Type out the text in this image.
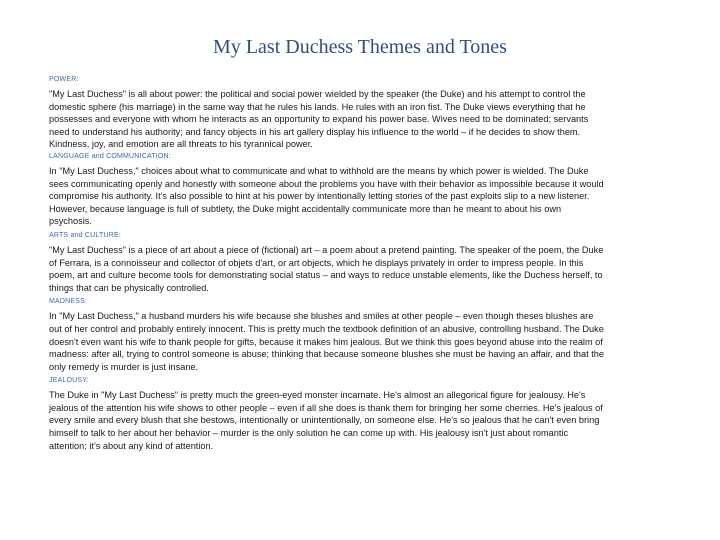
My Last Duchess Themes and Tones
POWER:
"My Last Duchess" is all about power: the political and social power wielded by the speaker (the Duke) and his attempt to control the domestic sphere (his marriage) in the same way that he rules his lands. He rules with an iron fist. The Duke views everything that he possesses and everyone with whom he interacts as an opportunity to expand his power base. Wives need to be dominated; servants need to understand his authority; and fancy objects in his art gallery display his influence to the world – if he decides to show them. Kindness, joy, and emotion are all threats to his tyrannical power.
LANGUAGE and COMMUNICATION:
In "My Last Duchess," choices about what to communicate and what to withhold are the means by which power is wielded. The Duke sees communicating openly and honestly with someone about the problems you have with their behavior as impossible because it would compromise his authority. It's also possible to hint at his power by intentionally letting stories of the past exploits slip to a new listener. However, because language is full of subtlety, the Duke might accidentally communicate more than he meant to about his own psychosis.
ARTS and CULTURE:
"My Last Duchess" is a piece of art about a piece of (fictional) art – a poem about a pretend painting. The speaker of the poem, the Duke of Ferrara, is a connoisseur and collector of objets d'art, or art objects, which he displays privately in order to impress people. In this poem, art and culture become tools for demonstrating social status – and ways to reduce unstable elements, like the Duchess herself, to things that can be physically controlled.
MADNESS:
In "My Last Duchess," a husband murders his wife because she blushes and smiles at other people – even though theses blushes are out of her control and probably entirely innocent. This is pretty much the textbook definition of an abusive, controlling husband. The Duke doesn't even want his wife to thank people for gifts, because it makes him jealous. But we think this goes beyond abuse into the realm of madness: after all, trying to control someone is abuse; thinking that because someone blushes she must be having an affair, and that the only remedy is murder is just insane.
JEALOUSY:
The Duke in "My Last Duchess" is pretty much the green-eyed monster incarnate. He's almost an allegorical figure for jealousy. He's jealous of the attention his wife shows to other people – even if all she does is thank them for bringing her some cherries. He's jealous of every smile and every blush that she bestows, intentionally or unintentionally, on someone else. He's so jealous that he can't even bring himself to talk to her about her behavior – murder is the only solution he can come up with. His jealousy isn't just about romantic attention; it's about any kind of attention.
